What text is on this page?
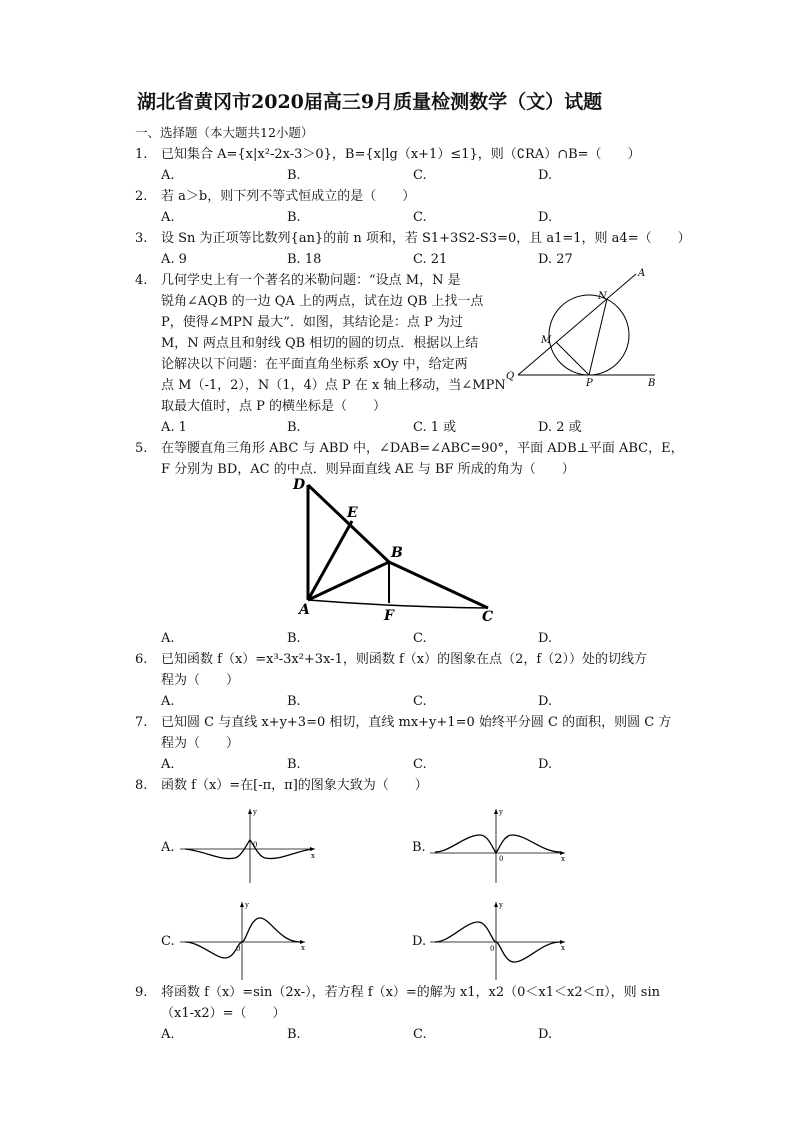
湖北省黄冈市2020届高三9月质量检测数学（文）试题
一、选择题（本大题共12小题）
1. 已知集合 A={x|x²-2x-3＞0}，B={x|lg（x+1）≤1}，则（∁RA）∩B=（　　）
A.	B.	C.	D.
2. 若 a＞b，则下列不等式恒成立的是（　　）
A.	B.	C.	D.
3. 设 Sn 为正项等比数列{an}的前 n 项和，若 S1+3S2-S3=0，且 a1=1，则 a4=（　　）
A. 9	B. 18	C. 21	D. 27
4. 几何学史上有一个著名的米勒问题：“设点 M，N 是
锐角∠AQB 的一边 QA 上的两点，试在边 QB 上找一点
P，使得∠MPN 最大”．如图，其结论是：点 P 为过
M，N 两点且和射线 QB 相切的圆的切点．根据以上结
论解决以下问题：在平面直角坐标系 xOy 中，给定两
点 M（-1，2），N（1，4）点 P 在 x 轴上移动，当∠MPN
取最大值时，点 P 的横坐标是（　　）
A. 1	B.	C. 1 或	D. 2 或
A
N
M
Q
P	B
5. 在等腰直角三角形 ABC 与 ABD 中，∠DAB=∠ABC=90°，平面 ADB⊥平面 ABC，E，
F 分别为 BD，AC 的中点．则异面直线 AE 与 BF 所成的角为（　　）
D
E
B
A	F	C
A.	B.	C.	D.
6. 已知函数 f（x）=x³-3x²+3x-1，则函数 f（x）的图象在点（2，f（2））处的切线方
程为（　　）
A.	B.	C.	D.
7. 已知圆 C 与直线 x+y+3=0 相切，直线 mx+y+1=0 始终平分圆 C 的面积，则圆 C 方
程为（　　）
A.	B.	C.	D.
8. 函数 f（x）=在[-π，π]的图象大致为（　　）
A.
y
0
x
B.
y
0	x
C.
y
0	x	D.
y
0	x
9. 将函数 f（x）=sin（2x-），若方程 f（x）=的解为 x1，x2（0＜x1＜x2＜π），则 sin
（x1-x2）=（　　）
A.	B.	C.	D.
